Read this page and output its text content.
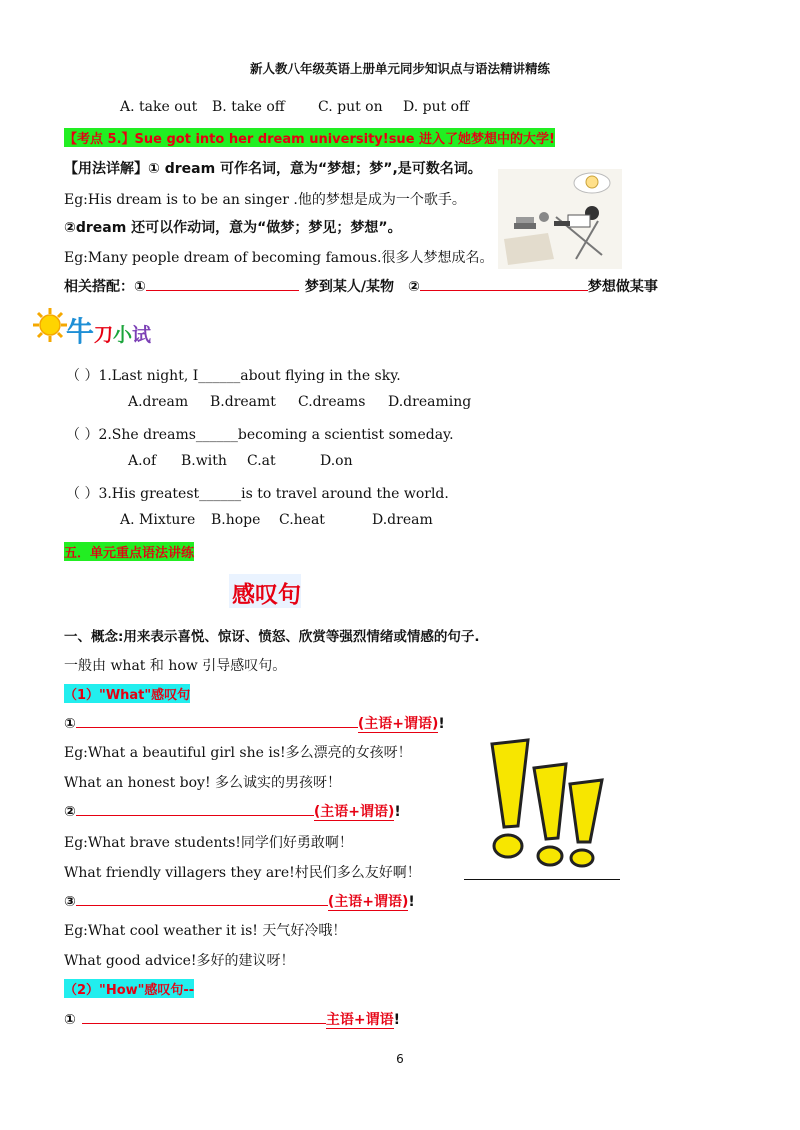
新人教八年级英语上册单元同步知识点与语法精讲精练
A. take out B. take off C. put on D. put off
【考点 5.】Sue got into her dream university!sue 进入了她梦想中的大学!
【用法详解】① dream 可作名词，意为“梦想；梦”,是可数名词。
Eg:His dream is to be an singer .他的梦想是成为一个歌手。
②dream 还可以作动词，意为“做梦；梦见；梦想”。
Eg:Many people dream of becoming famous.很多人梦想成名。
相关搭配：①	梦到某人/某物 ②	梦想做某事
牛刀小试
（ ）1.Last night, I______about flying in the sky.
A.dream B.dreamt C.dreams D.dreaming
（ ）2.She dreams______becoming a scientist someday.
A.of B.with C.at	D.on
（ ）3.His greatest______is to travel around the world.
A. Mixture B.hope C.heat	D.dream
五．单元重点语法讲练
感叹句
一、概念:用来表示喜悦、惊讶、愤怒、欣赏等强烈情绪或情感的句子.
一般由 what 和 how 引导感叹句。
（1）"What"感叹句
①	(主语+谓语)!
Eg:What a beautiful girl she is!多么漂亮的女孩呀！
What an honest boy! 多么诚实的男孩呀！
②	(主语+谓语)!
Eg:What brave students!同学们好勇敢啊！
What friendly villagers they are!村民们多么友好啊！
③	(主语+谓语)!
Eg:What cool weather it is! 天气好冷哦！
What good advice!多好的建议呀！
（2）"How"感叹句--
①	主语+谓语!
6
